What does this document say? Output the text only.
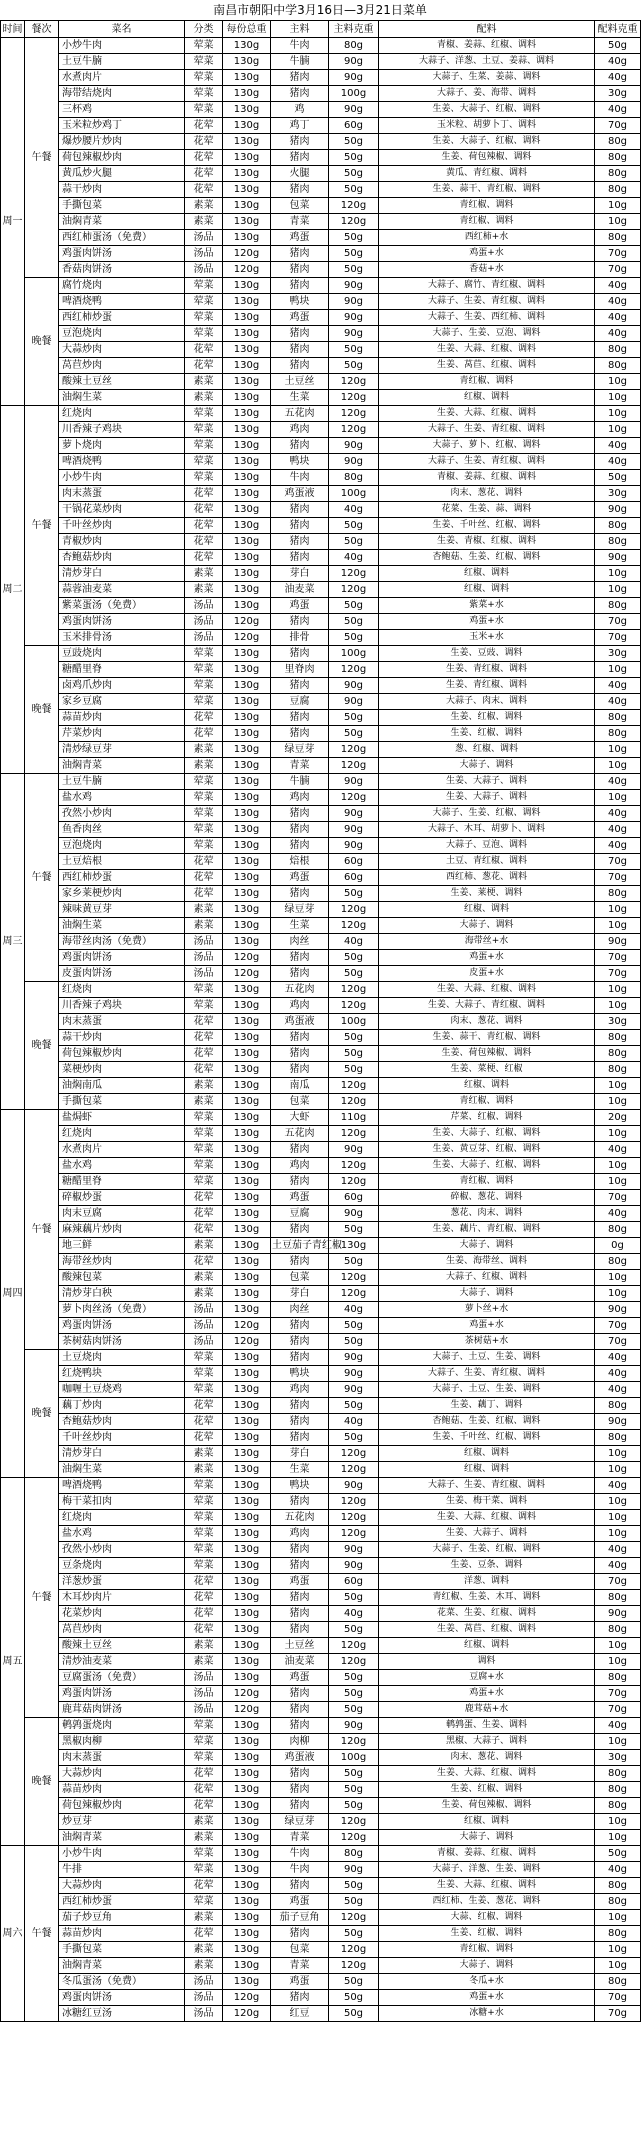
南昌市朝阳中学3月16日—3月21日菜单
时间	餐次	菜名	分类	每份总重	主料	主料克重	配料	配料克重
周一	午餐	小炒牛肉	荤菜	130g	牛肉	80g	青椒、姜蒜、红椒、调料	50g
		土豆牛腩	荤菜	130g	牛腩	90g	大蒜子、洋葱、土豆、姜蒜、调料	40g
		水煮肉片	荤菜	130g	猪肉	90g	大蒜子、生菜、姜蒜、调料	40g
		海带结烧肉	荤菜	130g	猪肉	100g	大蒜子、姜、海带、调料	30g
		三杯鸡	荤菜	130g	鸡	90g	生姜、大蒜子、红椒、调料	40g
		玉米粒炒鸡丁	花荤	130g	鸡丁	60g	玉米粒、胡萝卜丁、调料	70g
		爆炒腰片炒肉	花荤	130g	猪肉	50g	生姜、大蒜子、红椒、调料	80g
		荷包辣椒炒肉	花荤	130g	猪肉	50g	生姜、荷包辣椒、调料	80g
		黄瓜炒火腿	花荤	130g	火腿	50g	黄瓜、青红椒、调料	80g
		蒜干炒肉	花荤	130g	猪肉	50g	生姜、蒜干、青红椒、调料	80g
		手撕包菜	素菜	130g	包菜	120g	青红椒、调料	10g
		油焖青菜	素菜	130g	青菜	120g	青红椒、调料	10g
		西红柿蛋汤（免费）	汤品	130g	鸡蛋	50g	西红柿+水	80g
		鸡蛋肉饼汤	汤品	120g	猪肉	50g	鸡蛋+水	70g
		香菇肉饼汤	汤品	120g	猪肉	50g	香菇+水	70g
	晚餐	腐竹烧肉	荤菜	130g	猪肉	90g	大蒜子、腐竹、青红椒、调料	40g
		啤酒烧鸭	荤菜	130g	鸭块	90g	大蒜子、生姜、青红椒、调料	40g
		西红柿炒蛋	荤菜	130g	鸡蛋	90g	大蒜子、生姜、西红柿、调料	40g
		豆泡烧肉	荤菜	130g	猪肉	90g	大蒜子、生姜、豆泡、调料	40g
		大蒜炒肉	花荤	130g	猪肉	50g	生姜、大蒜、红椒、调料	80g
		莴苣炒肉	花荤	130g	猪肉	50g	生姜、莴苣、红椒、调料	80g
		酸辣土豆丝	素菜	130g	土豆丝	120g	青红椒、调料	10g
		油焖生菜	素菜	130g	生菜	120g	红椒、调料	10g
周二	午餐	红烧肉	荤菜	130g	五花肉	120g	生姜、大蒜、红椒、调料	10g
		川香辣子鸡块	荤菜	130g	鸡肉	120g	大蒜子、生姜、青红椒、调料	10g
		萝卜烧肉	荤菜	130g	猪肉	90g	大蒜子、萝卜、红椒、调料	40g
		啤酒烧鸭	荤菜	130g	鸭块	90g	大蒜子、生姜、青红椒、调料	40g
		小炒牛肉	荤菜	130g	牛肉	80g	青椒、姜蒜、红椒、调料	50g
		肉末蒸蛋	花荤	130g	鸡蛋液	100g	肉末、葱花、调料	30g
		干锅花菜炒肉	花荤	130g	猪肉	40g	花菜、生姜、蒜、调料	90g
		千叶丝炒肉	花荤	130g	猪肉	50g	生姜、千叶丝、红椒、调料	80g
		青椒炒肉	花荤	130g	猪肉	50g	生姜、青椒、红椒、调料	80g
		杏鲍菇炒肉	花荤	130g	猪肉	40g	杏鲍菇、生姜、红椒、调料	90g
		清炒芽白	素菜	130g	芽白	120g	红椒、调料	10g
		蒜蓉油麦菜	素菜	130g	油麦菜	120g	红椒、调料	10g
		紫菜蛋汤（免费）	汤品	130g	鸡蛋	50g	紫菜+水	80g
		鸡蛋肉饼汤	汤品	120g	猪肉	50g	鸡蛋+水	70g
		玉米排骨汤	汤品	120g	排骨	50g	玉米+水	70g
	晚餐	豆豉烧肉	荤菜	130g	猪肉	100g	生姜、豆豉、调料	30g
		糖醋里脊	荤菜	130g	里脊肉	120g	生姜、青红椒、调料	10g
		卤鸡爪炒肉	荤菜	130g	猪肉	90g	生姜、青红椒、调料	40g
		家乡豆腐	荤菜	130g	豆腐	90g	大蒜子、肉末、调料	40g
		蒜苗炒肉	花荤	130g	猪肉	50g	生姜、红椒、调料	80g
		芹菜炒肉	花荤	130g	猪肉	50g	生姜、红椒、调料	80g
		清炒绿豆芽	素菜	130g	绿豆芽	120g	葱、红椒、调料	10g
		油焖青菜	素菜	130g	青菜	120g	大蒜子、调料	10g
周三	午餐	土豆牛腩	荤菜	130g	牛腩	90g	生姜、大蒜子、调料	40g
		盐水鸡	荤菜	130g	鸡肉	120g	生姜、大蒜子、调料	10g
		孜然小炒肉	荤菜	130g	猪肉	90g	大蒜子、生姜、红椒、调料	40g
		鱼香肉丝	荤菜	130g	猪肉	90g	大蒜子、木耳、胡萝卜、调料	40g
		豆泡烧肉	荤菜	130g	猪肉	90g	大蒜子、豆泡、调料	40g
		土豆焙根	花荤	130g	焙根	60g	土豆、青红椒、调料	70g
		西红柿炒蛋	花荤	130g	鸡蛋	60g	西红柿、葱花、调料	70g
		家乡莱梗炒肉	花荤	130g	猪肉	50g	生姜、莱梗、调料	80g
		辣味黄豆芽	素菜	130g	绿豆芽	120g	红椒、调料	10g
		油焖生菜	素菜	130g	生菜	120g	大蒜子、调料	10g
		海带丝肉汤（免费）	汤品	130g	肉丝	40g	海带丝+水	90g
		鸡蛋肉饼汤	汤品	120g	猪肉	50g	鸡蛋+水	70g
		皮蛋肉饼汤	汤品	120g	猪肉	50g	皮蛋+水	70g
	晚餐	红烧肉	荤菜	130g	五花肉	120g	生姜、大蒜、红椒、调料	10g
		川香辣子鸡块	荤菜	130g	鸡肉	120g	生姜、大蒜子、青红椒、调料	10g
		肉末蒸蛋	花荤	130g	鸡蛋液	100g	肉末、葱花、调料	30g
		蒜干炒肉	花荤	130g	猪肉	50g	生姜、蒜干、青红椒、调料	80g
		荷包辣椒炒肉	花荤	130g	猪肉	50g	生姜、荷包辣椒、调料	80g
		菜梗炒肉	花荤	130g	猪肉	50g	生姜、菜梗、红椒	80g
		油焖南瓜	素菜	130g	南瓜	120g	红椒、调料	10g
		手撕包菜	素菜	130g	包菜	120g	青红椒、调料	10g
周四	午餐	盐焗虾	荤菜	130g	大虾	110g	芹菜、红椒、调料	20g
		红烧肉	荤菜	130g	五花肉	120g	生姜、大蒜子、红椒、调料	10g
		水煮肉片	荤菜	130g	猪肉	90g	生姜、黄豆芽、红椒、调料	40g
		盐水鸡	荤菜	130g	鸡肉	120g	生姜、大蒜子、红椒、调料	10g
		糖醋里脊	荤菜	130g	猪肉	120g	青红椒、调料	10g
		碎椒炒蛋	花荤	130g	鸡蛋	60g	碎椒、葱花、调料	70g
		肉末豆腐	花荤	130g	豆腐	90g	葱花、肉末、调料	40g
		麻辣藕片炒肉	花荤	130g	猪肉	50g	生姜、藕片、青红椒、调料	80g
		地三鲜	素菜	130g	土豆茄子青红椒	130g	大蒜子、调料	0g
		海带丝炒肉	花荤	130g	猪肉	50g	生姜、海带丝、调料	80g
		酸辣包菜	素菜	130g	包菜	120g	大蒜子、红椒、调料	10g
		清炒芽白秧	素菜	130g	芽白	120g	大蒜子、调料	10g
		萝卜肉丝汤（免费）	汤品	130g	肉丝	40g	萝卜丝+水	90g
		鸡蛋肉饼汤	汤品	120g	猪肉	50g	鸡蛋+水	70g
		茶树菇肉饼汤	汤品	120g	猪肉	50g	茶树菇+水	70g
	晚餐	土豆烧肉	荤菜	130g	猪肉	90g	大蒜子、土豆、生姜、调料	40g
		红烧鸭块	荤菜	130g	鸭块	90g	大蒜子、生姜、青红椒、调料	40g
		咖喱土豆烧鸡	荤菜	130g	鸡肉	90g	大蒜子、土豆、生姜、调料	40g
		藕丁炒肉	花荤	130g	猪肉	50g	生姜、藕丁、调料	80g
		杏鲍菇炒肉	花荤	130g	猪肉	40g	杏鲍菇、生姜、红椒、调料	90g
		千叶丝炒肉	花荤	130g	猪肉	50g	生姜、千叶丝、红椒、调料	80g
		清炒芽白	素菜	130g	芽白	120g	红椒、调料	10g
		油焖生菜	素菜	130g	生菜	120g	红椒、调料	10g
周五	午餐	啤酒烧鸭	荤菜	130g	鸭块	90g	大蒜子、生姜、青红椒、调料	40g
		梅干菜扣肉	荤菜	130g	猪肉	120g	生姜、梅干菜、调料	10g
		红烧肉	荤菜	130g	五花肉	120g	生姜、大蒜、红椒、调料	10g
		盐水鸡	荤菜	130g	鸡肉	120g	生姜、大蒜子、调料	10g
		孜然小炒肉	荤菜	130g	猪肉	90g	大蒜子、生姜、红椒、调料	40g
		豆条烧肉	荤菜	130g	猪肉	90g	生姜、豆条、调料	40g
		洋葱炒蛋	花荤	130g	鸡蛋	60g	洋葱、调料	70g
		木耳炒肉片	花荤	130g	猪肉	50g	青红椒、生姜、木耳、调料	80g
		花菜炒肉	花荤	130g	猪肉	40g	花菜、生姜、红椒、调料	90g
		莴苣炒肉	花荤	130g	猪肉	50g	生姜、莴苣、红椒、调料	80g
		酸辣土豆丝	素菜	130g	土豆丝	120g	红椒、调料	10g
		清炒油麦菜	素菜	130g	油麦菜	120g	调料	10g
		豆腐蛋汤（免费）	汤品	130g	鸡蛋	50g	豆腐+水	80g
		鸡蛋肉饼汤	汤品	120g	猪肉	50g	鸡蛋+水	70g
		鹿茸菇肉饼汤	汤品	120g	猪肉	50g	鹿茸菇+水	70g
	晚餐	鹌鹑蛋烧肉	荤菜	130g	猪肉	90g	鹌鹑蛋、生姜、调料	40g
		黑椒肉柳	荤菜	130g	肉柳	120g	黑椒、大蒜子、调料	10g
		肉末蒸蛋	荤菜	130g	鸡蛋液	100g	肉末、葱花、调料	30g
		大蒜炒肉	花荤	130g	猪肉	50g	生姜、大蒜、红椒、调料	80g
		蒜苗炒肉	花荤	130g	猪肉	50g	生姜、红椒、调料	80g
		荷包辣椒炒肉	花荤	130g	猪肉	50g	生姜、荷包辣椒、调料	80g
		炒豆芽	素菜	130g	绿豆芽	120g	红椒、调料	10g
		油焖青菜	素菜	130g	青菜	120g	大蒜子、调料	10g
周六	午餐	小炒牛肉	荤菜	130g	牛肉	80g	青椒、姜蒜、红椒、调料	50g
		牛排	荤菜	130g	牛肉	90g	大蒜子、洋葱、生姜、调料	40g
		大蒜炒肉	花荤	130g	猪肉	50g	生姜、大蒜、红椒、调料	80g
		西红柿炒蛋	荤菜	130g	鸡蛋	50g	西红柿、生姜、葱花、调料	80g
		茄子炒豆角	素菜	130g	茄子豆角	120g	大蒜、红椒、调料	10g
		蒜苗炒肉	花荤	130g	猪肉	50g	生姜、红椒、调料	80g
		手撕包菜	素菜	130g	包菜	120g	青红椒、调料	10g
		油焖青菜	素菜	130g	青菜	120g	大蒜子、调料	10g
		冬瓜蛋汤（免费）	汤品	130g	鸡蛋	50g	冬瓜+水	80g
		鸡蛋肉饼汤	汤品	120g	猪肉	50g	鸡蛋+水	70g
		冰糖红豆汤	汤品	120g	红豆	50g	冰糖+水	70g
